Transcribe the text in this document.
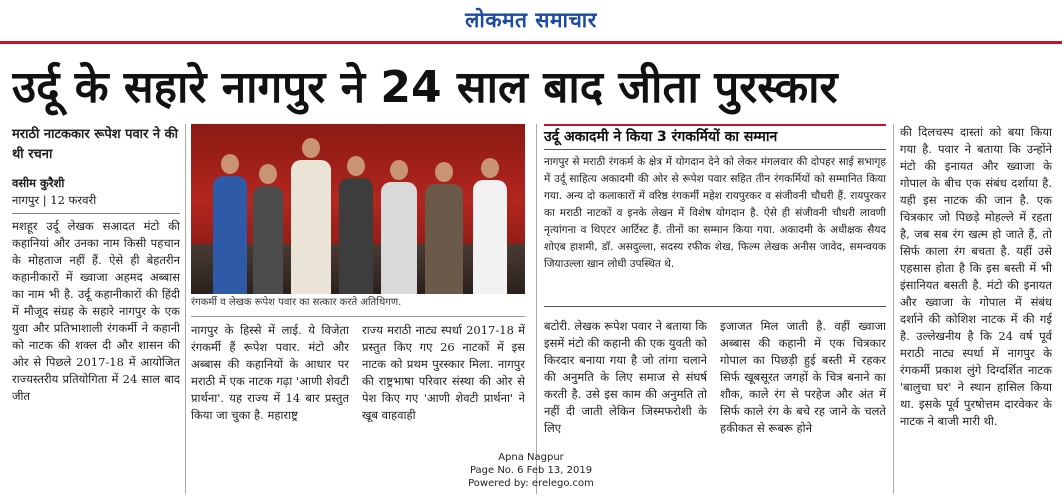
लोकमत समाचार
उर्दू के सहारे नागपुर ने 24 साल बाद जीता पुरस्कार
मराठी नाटककार रूपेश पवार ने की थी रचना
वसीम कुरैशी
नागपुर | 12 फरवरी
मशहूर उर्दू लेखक सआदत मंटो की कहानियां और उनका नाम किसी पहचान के मोहताज नहीं हैं. ऐसे ही बेहतरीन कहानीकारों में ख्वाजा अहमद अब्बास का नाम भी है. उर्दू कहानीकारों की हिंदी में मौजूद संग्रह के सहारे नागपुर के एक युवा और प्रतिभाशाली रंगकर्मी ने कहानी को नाटक की शक्ल दी और शासन की ओर से पिछले 2017-18 में आयोजित राज्यस्तरीय प्रतियोगिता में 24 साल बाद जीत
रंगकर्मी व लेखक रूपेश पवार का सत्कार करते अतिथिगण.
नागपुर के हिस्से में लाई. ये विजेता रंगकर्मी हैं रूपेश पवार. मंटो और अब्बास की कहानियों के आधार पर मराठी में एक नाटक गढ़ा 'आणी शेवटी प्रार्थना'. यह राज्य में 14 बार प्रस्तुत किया जा चुका है. महाराष्ट्र
राज्य मराठी नाट्य स्पर्धा 2017-18 में प्रस्तुत किए गए 26 नाटकों में इस नाटक को प्रथम पुरस्कार मिला. नागपुर की राष्ट्रभाषा परिवार संस्था की ओर से पेश किए गए 'आणी शेवटी प्रार्थना' ने खूब वाहवाही
उर्दू अकादमी ने किया 3 रंगकर्मियों का सम्मान
नागपुर से मराठी रंगकर्म के क्षेत्र में योगदान देने को लेकर मंगलवार की दोपहर साई सभागृह में उर्दू साहित्य अकादमी की ओर से रूपेश पवार सहित तीन रंगकर्मियों को सम्मानित किया गया. अन्य दो कलाकारों में वरिष्ठ रंगकर्मी महेश रायपुरकर व संजीवनी चौधरी हैं. रायपुरकर का मराठी नाटकों व इनके लेखन में विशेष योगदान है. ऐसे ही संजीवनी चौधरी लावणी नृत्यांगना व थिएटर आर्टिस्ट हैं. तीनों का सम्मान किया गया. अकादमी के अधीक्षक सैयद शोएब हाशमी, डॉ. असदुल्ला, सदस्य रफीक शेख, फिल्म लेखक अनीस जावेद, समन्वयक जियाउल्ला खान लोधी उपस्थित थे.
बटोरी. लेखक रूपेश पवार ने बताया कि इसमें मंटो की कहानी की एक युवती को किरदार बनाया गया है जो तांगा चलाने की अनुमति के लिए समाज से संघर्ष करती है. उसे इस काम की अनुमति तो नहीं दी जाती लेकिन जिस्मफरोशी के लिए
इजाजत मिल जाती है. वहीं ख्वाजा अब्बास की कहानी में एक चित्रकार गोपाल का पिछड़ी हुई बस्ती में रहकर सिर्फ खूबसूरत जगहों के चित्र बनाने का शौक, काले रंग से परहेज और अंत में सिर्फ काले रंग के बचे रह जाने के चलते हकीकत से रूबरू होने
की दिलचस्प दास्तां को बया किया गया है. पवार ने बताया कि उन्होंने मंटो की इनायत और ख्वाजा के गोपाल के बीच एक संबंध दर्शाया है. यही इस नाटक की जान है. एक चित्रकार जो पिछड़े मोहल्ले में रहता है, जब सब रंग खत्म हो जाते हैं, तो सिर्फ काला रंग बचता है. यहीं उसे एहसास होता है कि इस बस्ती में भी इंसानियत बसती है. मंटो की इनायत और ख्वाजा के गोपाल में संबंध दर्शाने की कोशिश नाटक में की गई है. उल्लेखनीय है कि 24 वर्ष पूर्व मराठी नाट्य स्पर्धा में नागपुर के रंगकर्मी प्रकाश लुंगे दिग्दर्शित नाटक 'बालुचा घर' ने स्थान हासिल किया था. इसके पूर्व पुरषोत्तम दारवेकर के नाटक ने बाजी मारी थी.
Apna Nagpur
Page No. 6 Feb 13, 2019
Powered by: erelego.com
